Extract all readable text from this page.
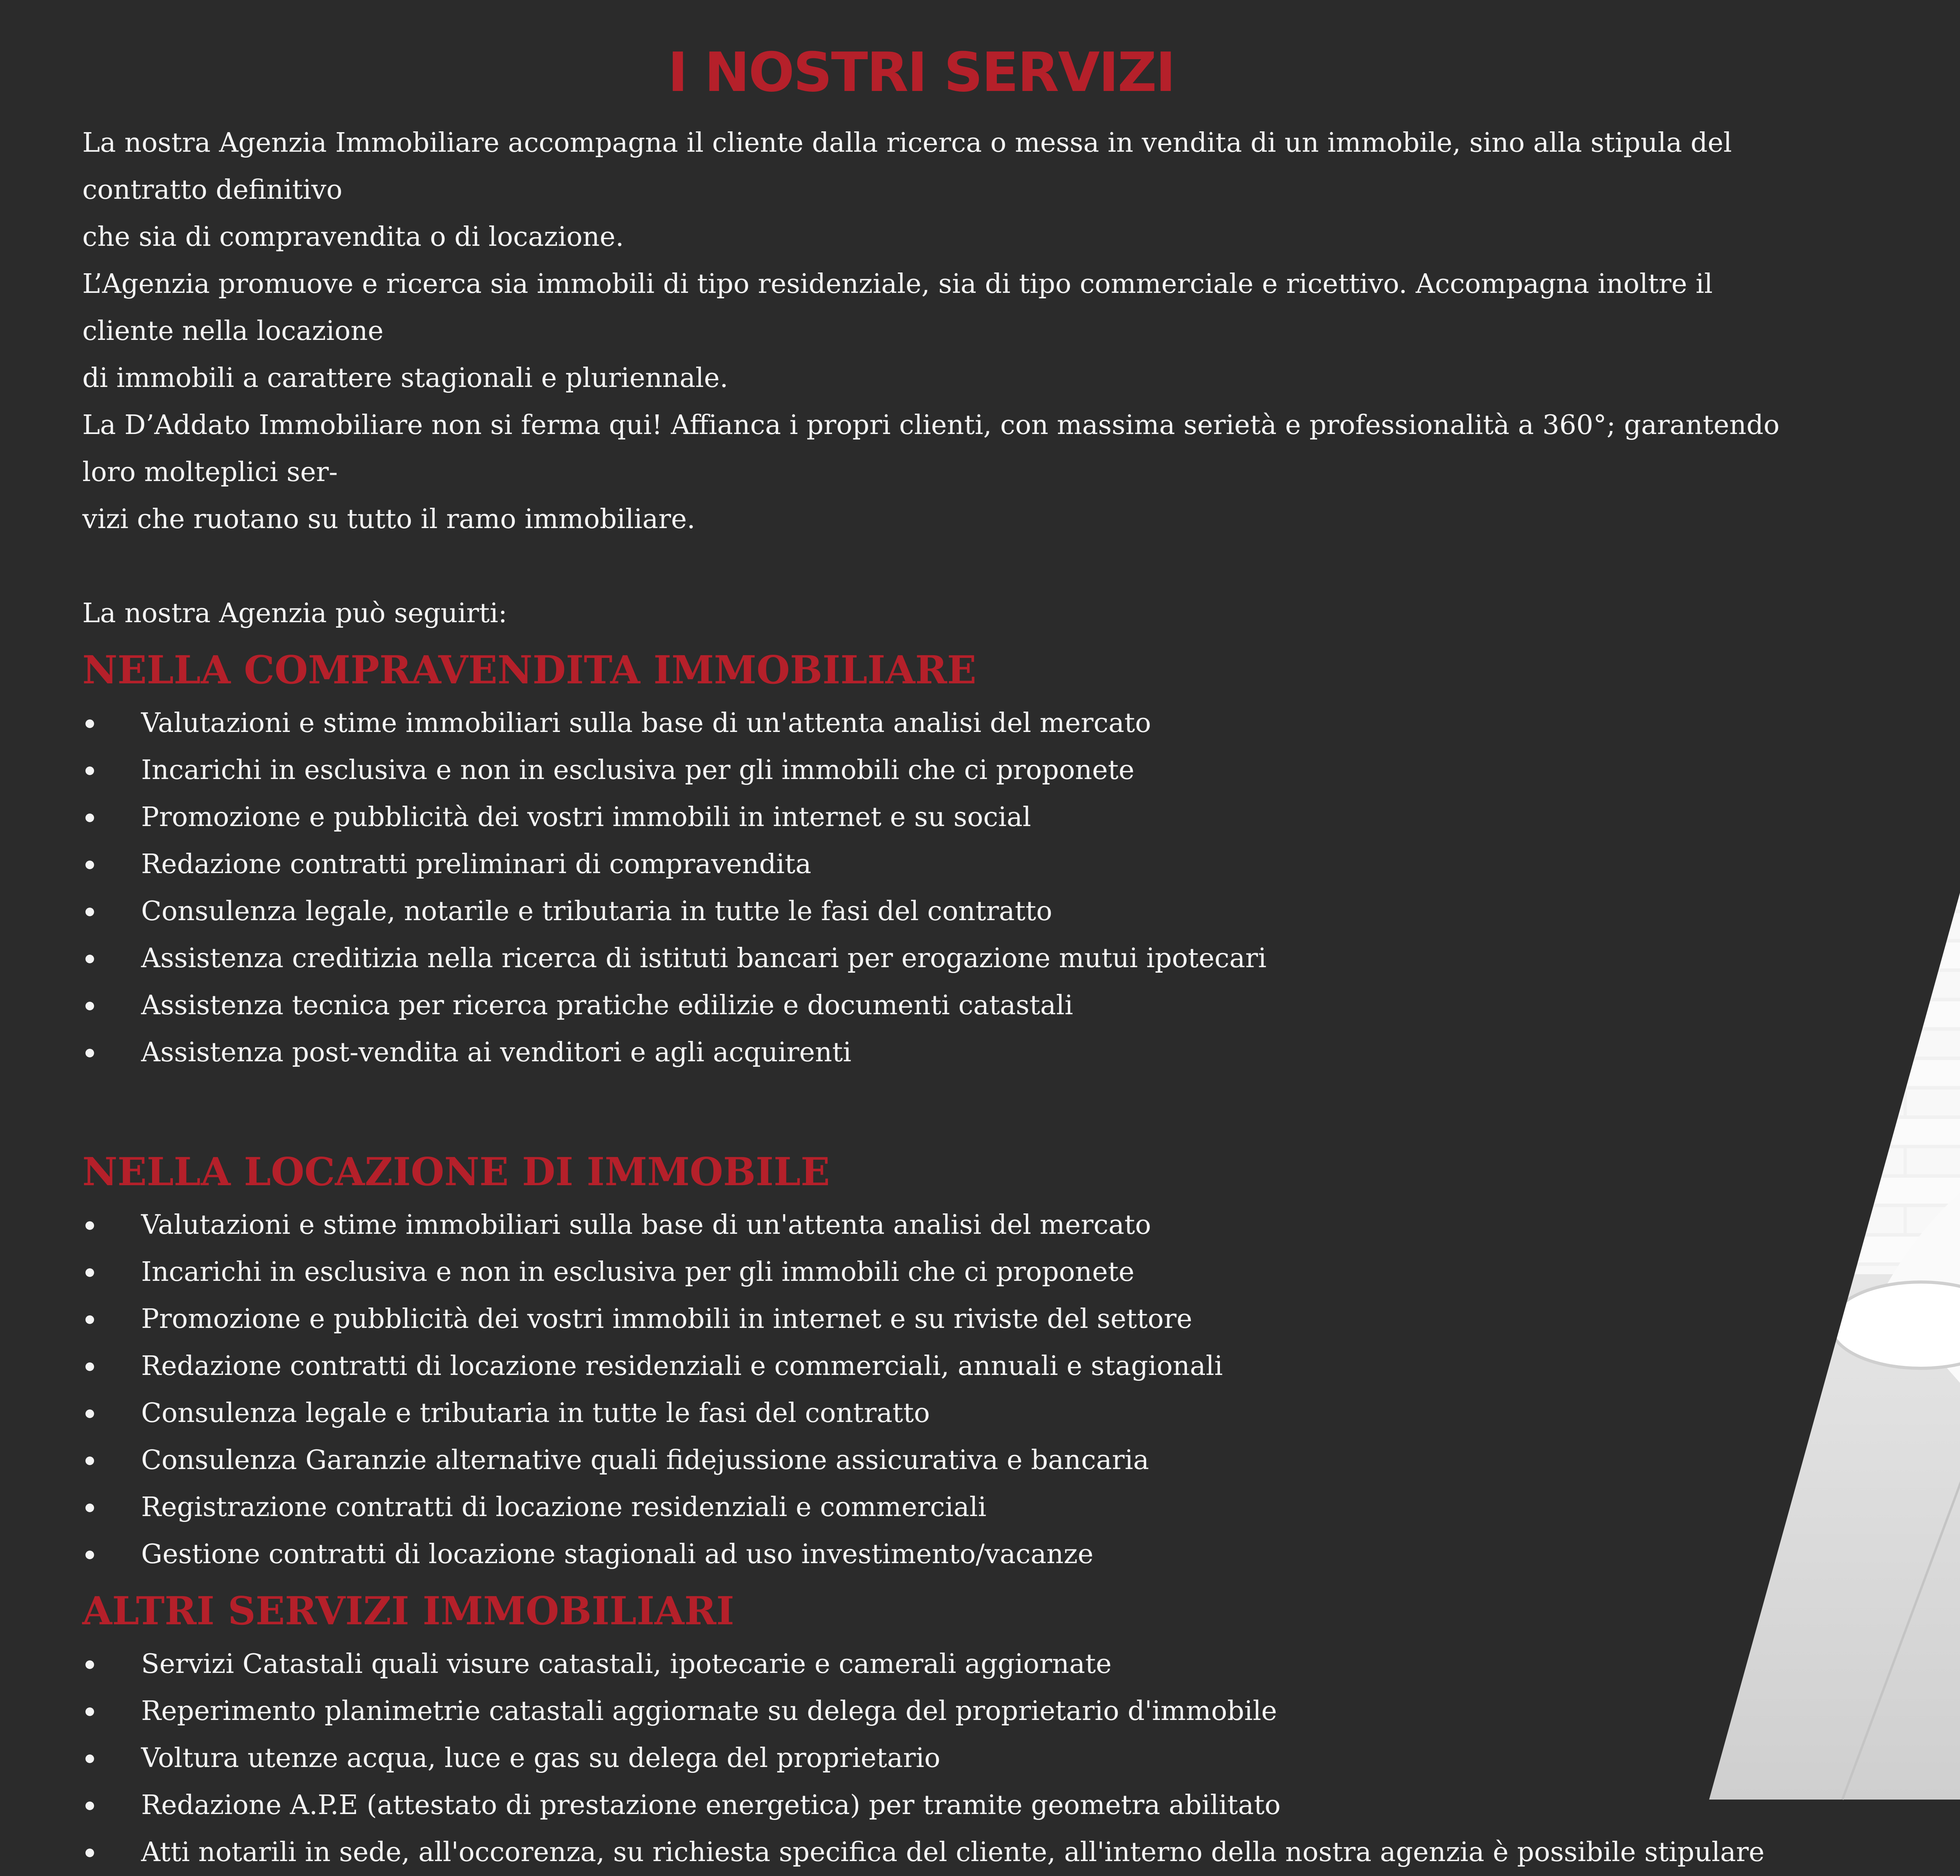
I NOSTRI SERVIZI

La nostra Agenzia Immobiliare accompagna il cliente dalla ricerca o messa in vendita di un immobile, sino alla stipula del contratto definitivo

che sia di compravendita o di locazione.

L’Agenzia promuove e ricerca sia immobili di tipo residenziale, sia di tipo commerciale e ricettivo. Accompagna inoltre il cliente nella locazione

di immobili a carattere stagionali e pluriennale.

La D’Addato Immobiliare non si ferma qui! Affianca i propri clienti, con massima serietà e professionalità a 360°; garantendo loro molteplici ser-

vizi che ruotano su tutto il ramo immobiliare.

La nostra Agenzia può seguirti:

NELLA COMPRAVENDITA IMMOBILIARE
Valutazioni e stime immobiliari sulla base di un'attenta analisi del mercato
Incarichi in esclusiva e non in esclusiva per gli immobili che ci proponete
Promozione e pubblicità dei vostri immobili in internet e su social
Redazione contratti preliminari di compravendita
Consulenza legale, notarile e tributaria in tutte le fasi del contratto
Assistenza creditizia nella ricerca di istituti bancari per erogazione mutui ipotecari
Assistenza tecnica per ricerca pratiche edilizie e documenti catastali
Assistenza post-vendita ai venditori e agli acquirenti
NELLA LOCAZIONE DI IMMOBILE
Valutazioni e stime immobiliari sulla base di un'attenta analisi del mercato
Incarichi in esclusiva e non in esclusiva per gli immobili che ci proponete
Promozione e pubblicità dei vostri immobili in internet e su riviste del settore
Redazione contratti di locazione residenziali e commerciali, annuali e stagionali
Consulenza legale e tributaria in tutte le fasi del contratto
Consulenza Garanzie alternative quali fidejussione assicurativa e bancaria
Registrazione contratti di locazione residenziali e commerciali
Gestione contratti di locazione stagionali ad uso investimento/vacanze
ALTRI SERVIZI IMMOBILIARI
Servizi Catastali quali visure catastali, ipotecarie e camerali aggiornate
Reperimento planimetrie catastali aggiornate su delega del proprietario d'immobile
Voltura utenze acqua, luce e gas su delega del proprietario
Redazione A.P.E (attestato di prestazione energetica) per tramite geometra abilitato
Atti notarili in sede, all'occorenza, su richiesta specifica del cliente, all'interno della nostra agenzia è possibile stipulare
